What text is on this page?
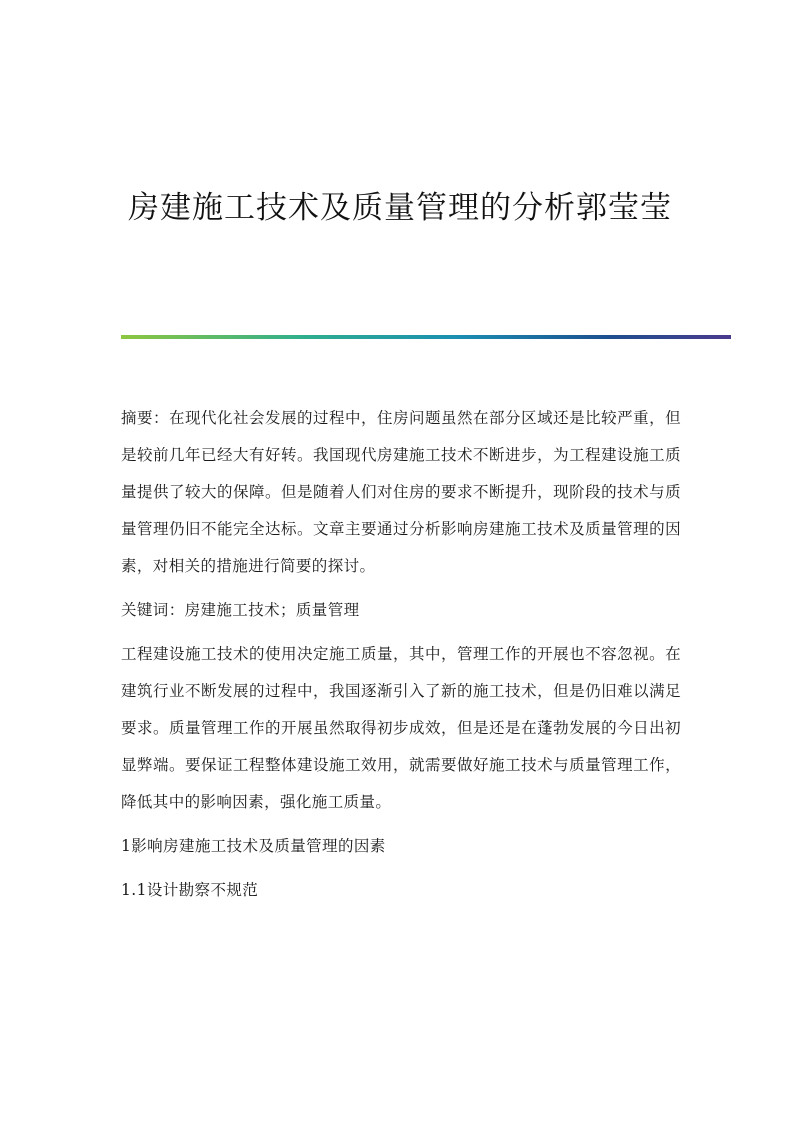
房建施工技术及质量管理的分析郭莹莹

摘要：在现代化社会发展的过程中，住房问题虽然在部分区域还是比较严重，但是较前几年已经大有好转。我国现代房建施工技术不断进步，为工程建设施工质量提供了较大的保障。但是随着人们对住房的要求不断提升，现阶段的技术与质量管理仍旧不能完全达标。文章主要通过分析影响房建施工技术及质量管理的因素，对相关的措施进行简要的探讨。

关键词：房建施工技术；质量管理

工程建设施工技术的使用决定施工质量，其中，管理工作的开展也不容忽视。在建筑行业不断发展的过程中，我国逐渐引入了新的施工技术，但是仍旧难以满足要求。质量管理工作的开展虽然取得初步成效，但是还是在蓬勃发展的今日出初显弊端。要保证工程整体建设施工效用，就需要做好施工技术与质量管理工作，降低其中的影响因素，强化施工质量。

1影响房建施工技术及质量管理的因素

1.1设计勘察不规范
